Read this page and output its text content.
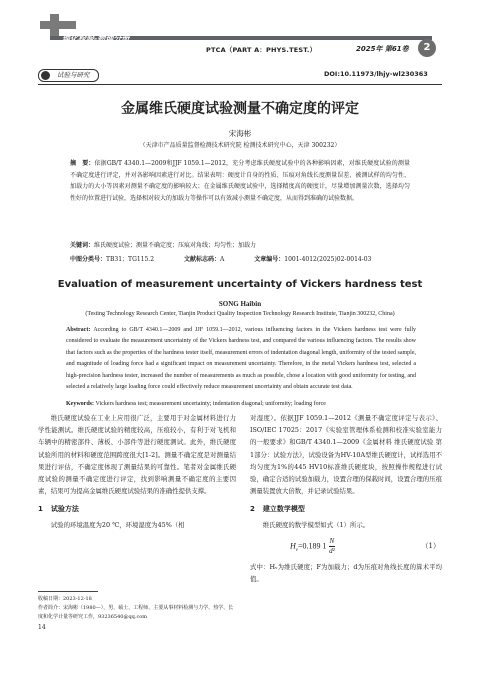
理化检验-物理分册
PTCA（PART A：PHYS.TEST.）	2025年 第61卷	2
试验与研究	DOI:10.11973/lhjy-wl230363
金属维氏硬度试验测量不确定度的评定
宋海彬
（天津市产品质量监督检测技术研究院 检测技术研究中心，天津 300232）
摘　要：依据GB/T 4340.1—2009和JJF 1059.1—2012，充分考虑维氏硬度试验中的各种影响因素，对维氏硬度试验的测量不确定度进行评定，并对各影响因素进行对比。结果表明：硬度计自身的性质、压痕对角线长度测量误差、被测试样的均匀性、加载力的大小等因素对测量不确定度的影响较大；在金属维氏硬度试验中，选择精度高的硬度计，尽量增加测量次数，选择均匀性好的位置进行试验，选择相对较大的加载力等操作可以有效减小测量不确定度，从而得到准确的试验数据。
关键词：维氏硬度试验；测量不确定度；压痕对角线；均匀性；加载力
中图分类号：TB31；TG115.2	文献标志码：A	文章编号：1001-4012(2025)02-0014-03
Evaluation of measurement uncertainty of Vickers hardness test
SONG Haibin
(Testing Technology Research Center, Tianjin Product Quality Inspection Technology Research Institute, Tianjin 300232, China)
Abstract: According to GB/T 4340.1—2009 and JJF 1059.1—2012, various influencing factors in the Vickers hardness test were fully considered to evaluate the measurement uncertainty of the Vickers hardness test, and compared the various influencing factors. The results show that factors such as the properties of the hardness tester itself, measurement errors of indentation diagonal length, uniformity of the tested sample, and magnitude of loading force had a significant impact on measurement uncertainty. Therefore, in the metal Vickers hardness test, selected a high-precision hardness tester, increased the number of measurements as much as possible, chose a location with good uniformity for testing, and selected a relatively large loading force could effectively reduce measurement uncertainty and obtain accurate test data.
Keywords: Vickers hardness test; measurement uncertainty; indentation diagonal; uniformity; loading force

维氏硬度试验在工业上应用很广泛，主要用于对金属材料进行力学性能测试。维氏硬度试验的精度较高，压痕较小，有利于对飞机和车辆中的精密部件、薄板、小部件等进行硬度测试。此外，维氏硬度试验所用的材料和硬度范围跨度很大[1-2]。测量不确定度是对测量结果进行评估，不确定度体现了测量结果的可靠性。笔者对金属维氏硬度试验的测量不确定度进行评定，找到影响测量不确定度的主要因素，结果可为提高金属维氏硬度试验结果的准确性提供支撑。

1 试验方法

试验的环境温度为20 ℃，环境湿度为45%（相

对湿度）。依据JJF 1059.1—2012《测量不确定度评定与表示》、ISO/IEC 17025：2017《实验室管理体系检测和校准实验室能力的一般要求》和GB/T 4340.1—2009《金属材料 维氏硬度试验 第1部分：试验方法》，试验设备为HV-10A型维氏硬度计，试样选用不均匀度为1%的445 HV10标准维氏硬度块，按照操作规程进行试验，确定合适的试验加载力，设置合理的保载时间，设置合理的压痕测量装置放大倍数，并记录试验结果。

2 建立数学模型

维氏硬度的数学模型如式（1）所示。

$H_v=0.189$ $1 \frac{N}{\text{d²}}$	（1）

式中：Hᵥ为维氏硬度；F为加载力；d为压痕对角线长度的算术平均值。

收稿日期：2023-12-18
作者简介：宋海彬（1980—），男，硕士，工程师，主要从事材料检测与力学、热学、长度和化学计量等研究工作，93236540@qq.com
14
